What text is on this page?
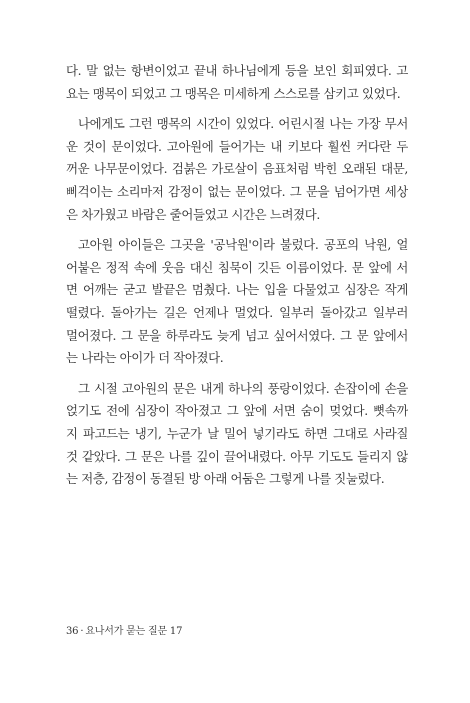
다. 말 없는 항변이었고 끝내 하나님에게 등을 보인 회피였다. 고
요는 맹목이 되었고 그 맹목은 미세하게 스스로를 삼키고 있었다.
나에게도 그런 맹목의 시간이 있었다. 어린시절 나는 가장 무서
운 것이 문이었다. 고아원에 들어가는 내 키보다 훨씬 커다란 두
꺼운 나무문이었다. 검붉은 가로살이 음표처럼 박힌 오래된 대문,
삐걱이는 소리마저 감정이 없는 문이었다. 그 문을 넘어가면 세상
은 차가웠고 바람은 줄어들었고 시간은 느려졌다.
고아원 아이들은 그곳을 '공낙원'이라 불렀다. 공포의 낙원, 얼
어붙은 정적 속에 웃음 대신 침묵이 깃든 이름이었다. 문 앞에 서
면 어깨는 굳고 발끝은 멈췄다. 나는 입을 다물었고 심장은 작게
떨렸다. 돌아가는 길은 언제나 멀었다. 일부러 돌아갔고 일부러
멀어졌다. 그 문을 하루라도 늦게 넘고 싶어서였다. 그 문 앞에서
는 나라는 아이가 더 작아졌다.
그 시절 고아원의 문은 내게 하나의 풍랑이었다. 손잡이에 손을
얹기도 전에 심장이 작아졌고 그 앞에 서면 숨이 멎었다. 뼛속까
지 파고드는 냉기, 누군가 날 밀어 넣기라도 하면 그대로 사라질
것 같았다. 그 문은 나를 깊이 끌어내렸다. 아무 기도도 들리지 않
는 저층, 감정이 동결된 방 아래 어둠은 그렇게 나를 짓눌렀다.
36 · 요나서가 묻는 질문 17
